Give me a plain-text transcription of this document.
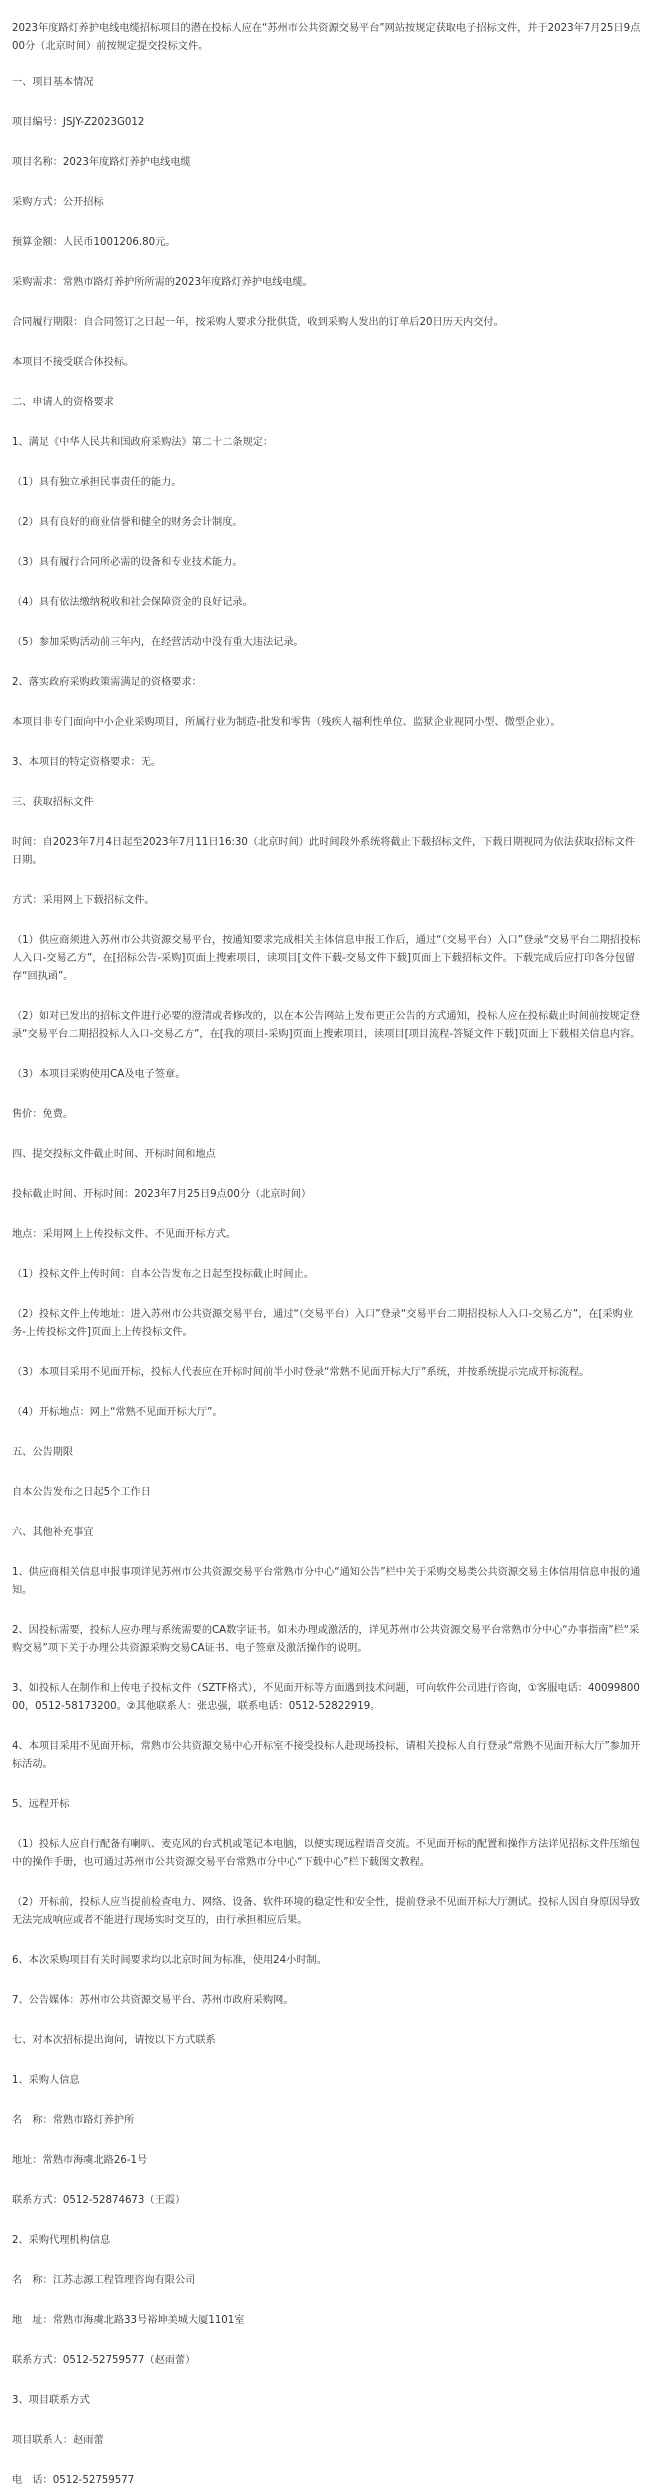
2023年度路灯养护电线电缆招标项目的潜在投标人应在“苏州市公共资源交易平台”网站按规定获取电子招标文件，并于2023年7月25日9点00分（北京时间）前按规定提交投标文件。

一、项目基本情况

项目编号：JSJY-Z2023G012

项目名称：2023年度路灯养护电线电缆

采购方式：公开招标

预算金额：人民币1001206.80元。

采购需求：常熟市路灯养护所所需的2023年度路灯养护电线电缆。

合同履行期限：自合同签订之日起一年，按采购人要求分批供货，收到采购人发出的订单后20日历天内交付。

本项目不接受联合体投标。

二、申请人的资格要求

1、满足《中华人民共和国政府采购法》第二十二条规定：

（1）具有独立承担民事责任的能力。

（2）具有良好的商业信誉和健全的财务会计制度。

（3）具有履行合同所必需的设备和专业技术能力。

（4）具有依法缴纳税收和社会保障资金的良好记录。

（5）参加采购活动前三年内，在经营活动中没有重大违法记录。

2、落实政府采购政策需满足的资格要求：

本项目非专门面向中小企业采购项目，所属行业为制造-批发和零售（残疾人福利性单位、监狱企业视同小型、微型企业）。

3、本项目的特定资格要求：无。

三、获取招标文件

时间：自2023年7月4日起至2023年7月11日16:30（北京时间）此时间段外系统将截止下载招标文件，下载日期视同为依法获取招标文件日期。

方式：采用网上下载招标文件。

（1）供应商须进入苏州市公共资源交易平台，按通知要求完成相关主体信息申报工作后，通过“（交易平台）入口”登录“交易平台二期招投标人入口-交易乙方”，在[招标公告-采购]页面上搜索项目，读项目[文件下载-交易文件下载]页面上下载招标文件。下载完成后应打印各分包留存“回执函”。

（2）如对已发出的招标文件进行必要的澄清或者修改的，以在本公告网站上发布更正公告的方式通知，投标人应在投标截止时间前按规定登录“交易平台二期招投标人入口-交易乙方”，在[我的项目-采购]页面上搜索项目，读项目[项目流程-答疑文件下载]页面上下载相关信息内容。

（3）本项目采购使用CA及电子签章。

售价：免费。

四、提交投标文件截止时间、开标时间和地点

投标截止时间、开标时间：2023年7月25日9点00分（北京时间）

地点：采用网上上传投标文件、不见面开标方式。

（1）投标文件上传时间：自本公告发布之日起至投标截止时间止。

（2）投标文件上传地址：进入苏州市公共资源交易平台，通过“（交易平台）入口”登录“交易平台二期招投标人入口-交易乙方”，在[采购业务-上传投标文件]页面上上传投标文件。

（3）本项目采用不见面开标，投标人代表应在开标时间前半小时登录“常熟不见面开标大厅”系统，并按系统提示完成开标流程。

（4）开标地点：网上“常熟不见面开标大厅”。

五、公告期限

自本公告发布之日起5个工作日

六、其他补充事宜

1、供应商相关信息申报事项详见苏州市公共资源交易平台常熟市分中心“通知公告”栏中关于采购交易类公共资源交易主体信用信息申报的通知。

2、因投标需要，投标人应办理与系统需要的CA数字证书。如未办理或激活的，详见苏州市公共资源交易平台常熟市分中心“办事指南”栏“采购交易”项下关于办理公共资源采购交易CA证书、电子签章及激活操作的说明。

3、如投标人在制作和上传电子投标文件（SZTF格式），不见面开标等方面遇到技术问题，可向软件公司进行咨询，①客服电话：4009980000，0512-58173200。②其他联系人：张忠强，联系电话：0512-52822919。

4、本项目采用不见面开标，常熟市公共资源交易中心开标室不接受投标人赴现场投标，请相关投标人自行登录“常熟不见面开标大厅”参加开标活动。

5、远程开标

（1）投标人应自行配备有喇叭、麦克风的台式机或笔记本电脑，以便实现远程语音交流。不见面开标的配置和操作方法详见招标文件压缩包中的操作手册，也可通过苏州市公共资源交易平台常熟市分中心“下载中心”栏下载图文教程。

（2）开标前，投标人应当提前检查电力、网络、设备、软件环境的稳定性和安全性，提前登录不见面开标大厅测试。投标人因自身原因导致无法完成响应或者不能进行现场实时交互的，由行承担相应后果。

6、本次采购项目有关时间要求均以北京时间为标准，使用24小时制。

7、公告媒体：苏州市公共资源交易平台、苏州市政府采购网。

七、对本次招标提出询问，请按以下方式联系

1、采购人信息

名　称：常熟市路灯养护所

地址：常熟市海虞北路26-1号

联系方式：0512-52874673（王霞）

2、采购代理机构信息

名　称：江苏志源工程管理咨询有限公司

地　址：常熟市海虞北路33号裕坤美城大厦1101室

联系方式：0512-52759577（赵雨蕾）

3、项目联系方式

项目联系人：赵雨蕾

电　话：0512-52759577
